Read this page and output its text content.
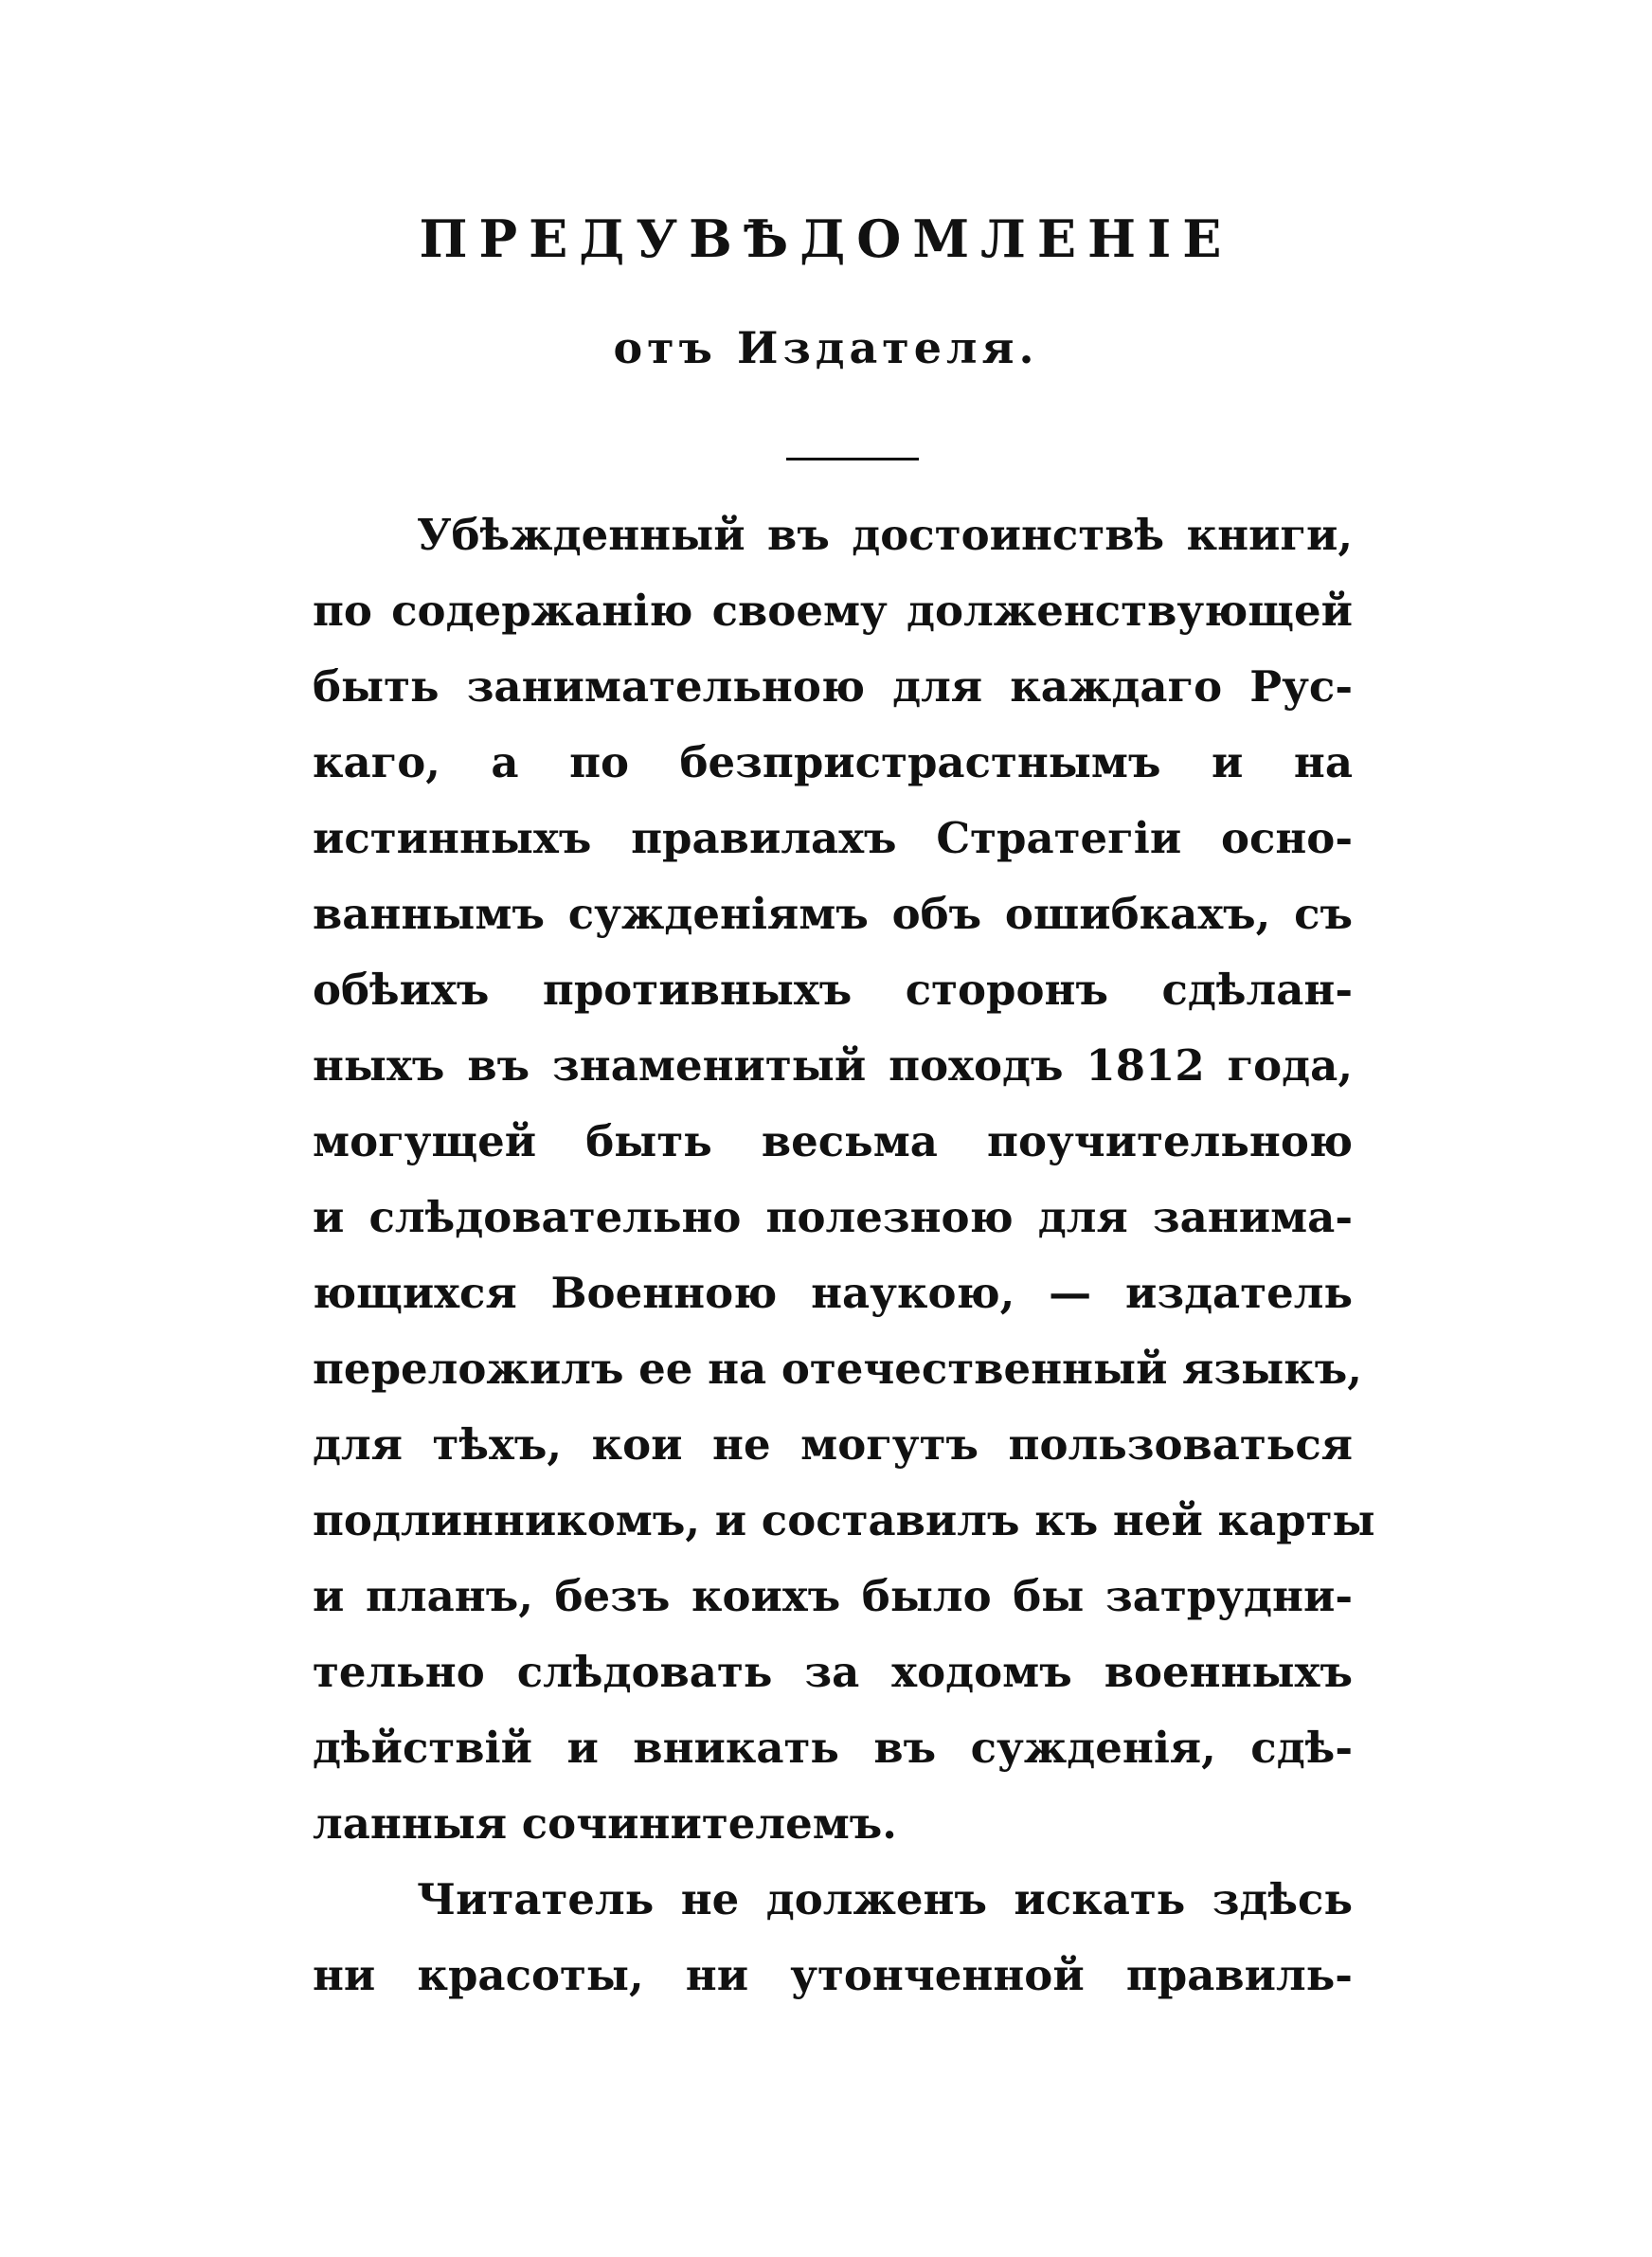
ПРЕДУВѢДОМЛЕНІЕ
отъ Издателя.
Убѣжденный въ достоинствѣ книги,
по содержанію своему долженствующей
быть занимательною для каждаго Рус-
каго, а по безпристрастнымъ и на
истинныхъ правилахъ Стратегіи осно-
ваннымъ сужденіямъ объ ошибкахъ, съ
обѣихъ противныхъ сторонъ сдѣлан-
ныхъ въ знаменитый походъ 1812 года,
могущей быть весьма поучительною
и слѣдовательно полезною для занима-
ющихся Военною наукою, — издатель
переложилъ ее на отечественный языкъ,
для тѣхъ, кои не могутъ пользоваться
подлинникомъ, и составилъ къ ней карты
и планъ, безъ коихъ было бы затрудни-
тельно слѣдовать за ходомъ военныхъ
дѣйствій и вникать въ сужденія, сдѣ-
ланныя сочинителемъ.
Читатель не долженъ искать здѣсь
ни красоты, ни утонченной правиль-
